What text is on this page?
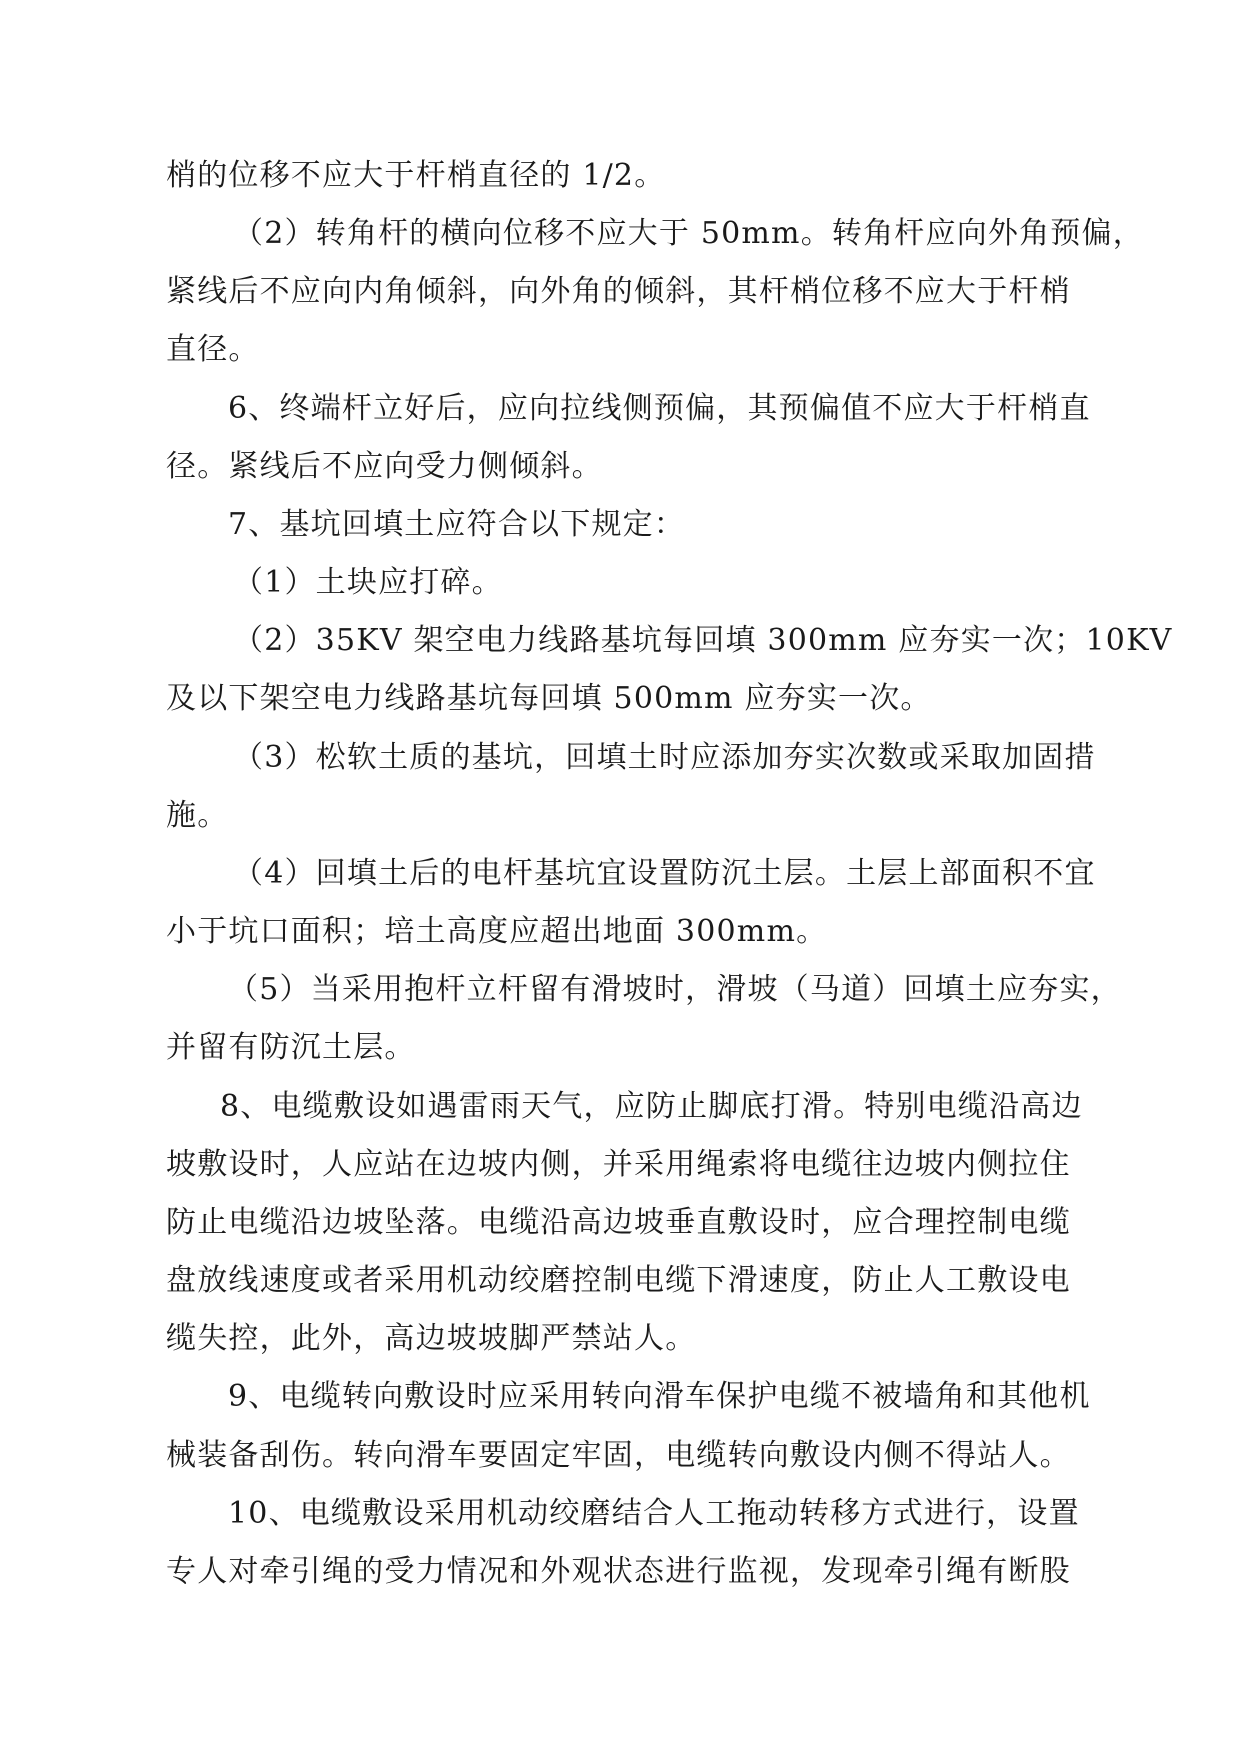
梢的位移不应大于杆梢直径的 1/2。
（2）转角杆的横向位移不应大于 50mm。转角杆应向外角预偏，
紧线后不应向内角倾斜，向外角的倾斜，其杆梢位移不应大于杆梢
直径。
6、终端杆立好后，应向拉线侧预偏，其预偏值不应大于杆梢直
径。紧线后不应向受力侧倾斜。
7、基坑回填土应符合以下规定：
（1）土块应打碎。
（2）35KV 架空电力线路基坑每回填 300mm 应夯实一次；10KV
及以下架空电力线路基坑每回填 500mm 应夯实一次。
（3）松软土质的基坑，回填土时应添加夯实次数或采取加固措
施。
（4）回填土后的电杆基坑宜设置防沉土层。土层上部面积不宜
小于坑口面积；培土高度应超出地面 300mm。
（5）当采用抱杆立杆留有滑坡时，滑坡（马道）回填土应夯实，
并留有防沉土层。
8、电缆敷设如遇雷雨天气，应防止脚底打滑。特别电缆沿高边
坡敷设时，人应站在边坡内侧，并采用绳索将电缆往边坡内侧拉住
防止电缆沿边坡坠落。电缆沿高边坡垂直敷设时，应合理控制电缆
盘放线速度或者采用机动绞磨控制电缆下滑速度，防止人工敷设电
缆失控，此外，高边坡坡脚严禁站人。
9、电缆转向敷设时应采用转向滑车保护电缆不被墙角和其他机
械装备刮伤。转向滑车要固定牢固，电缆转向敷设内侧不得站人。
10、电缆敷设采用机动绞磨结合人工拖动转移方式进行，设置
专人对牵引绳的受力情况和外观状态进行监视，发现牵引绳有断股
